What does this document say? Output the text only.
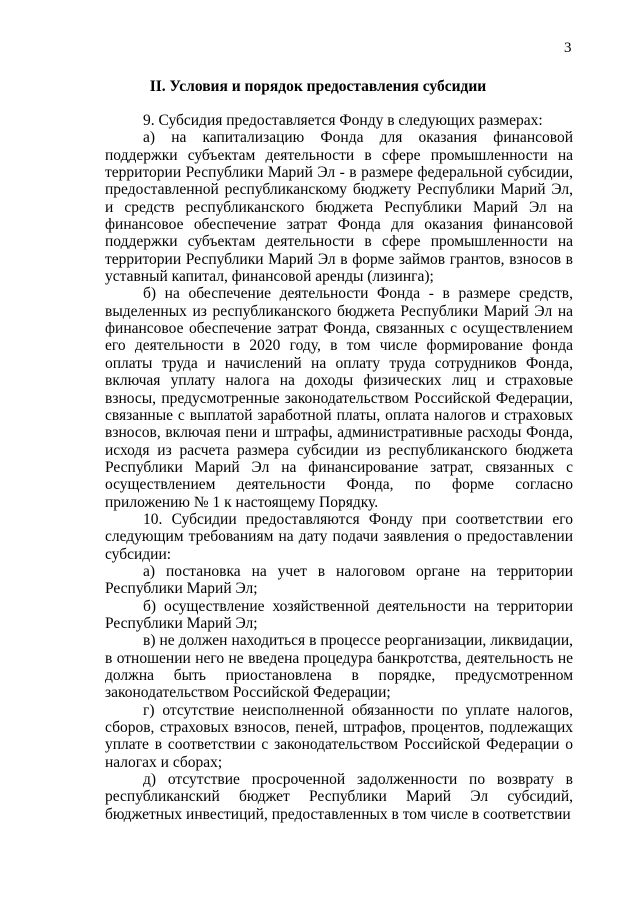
3
II. Условия и порядок предоставления субсидии

9. Субсидия предоставляется Фонду в следующих размерах:

а) на капитализацию Фонда для оказания финансовой поддержки субъектам деятельности в сфере промышленности на территории Республики Марий Эл - в размере федеральной субсидии, предоставленной республиканскому бюджету Республики Марий Эл, и средств республиканского бюджета Республики Марий Эл на финансовое обеспечение затрат Фонда для оказания финансовой поддержки субъектам деятельности в сфере промышленности на территории Республики Марий Эл в форме займов грантов, взносов в уставный капитал, финансовой аренды (лизинга);

б) на обеспечение деятельности Фонда - в размере средств, выделенных из республиканского бюджета Республики Марий Эл на финансовое обеспечение затрат Фонда, связанных с осуществлением его деятельности в 2020 году, в том числе формирование фонда оплаты труда и начислений на оплату труда сотрудников Фонда, включая уплату налога на доходы физических лиц и страховые взносы, предусмотренные законодательством Российской Федерации, связанные с выплатой заработной платы, оплата налогов и страховых взносов, включая пени и штрафы, административные расходы Фонда, исходя из расчета размера субсидии из республиканского бюджета Республики Марий Эл на финансирование затрат, связанных с осуществлением деятельности Фонда, по форме согласно приложению № 1 к настоящему Порядку.

10. Субсидии предоставляются Фонду при соответствии его следующим требованиям на дату подачи заявления о предоставлении субсидии:

а) постановка на учет в налоговом органе на территории Республики Марий Эл;

б) осуществление хозяйственной деятельности на территории Республики Марий Эл;

в) не должен находиться в процессе реорганизации, ликвидации, в отношении него не введена процедура банкротства, деятельность не должна быть приостановлена в порядке, предусмотренном законодательством Российской Федерации;

г) отсутствие неисполненной обязанности по уплате налогов, сборов, страховых взносов, пеней, штрафов, процентов, подлежащих уплате в соответствии с законодательством Российской Федерации о налогах и сборах;

д) отсутствие просроченной задолженности по возврату в республиканский бюджет Республики Марий Эл субсидий, бюджетных инвестиций, предоставленных в том числе в соответствии
